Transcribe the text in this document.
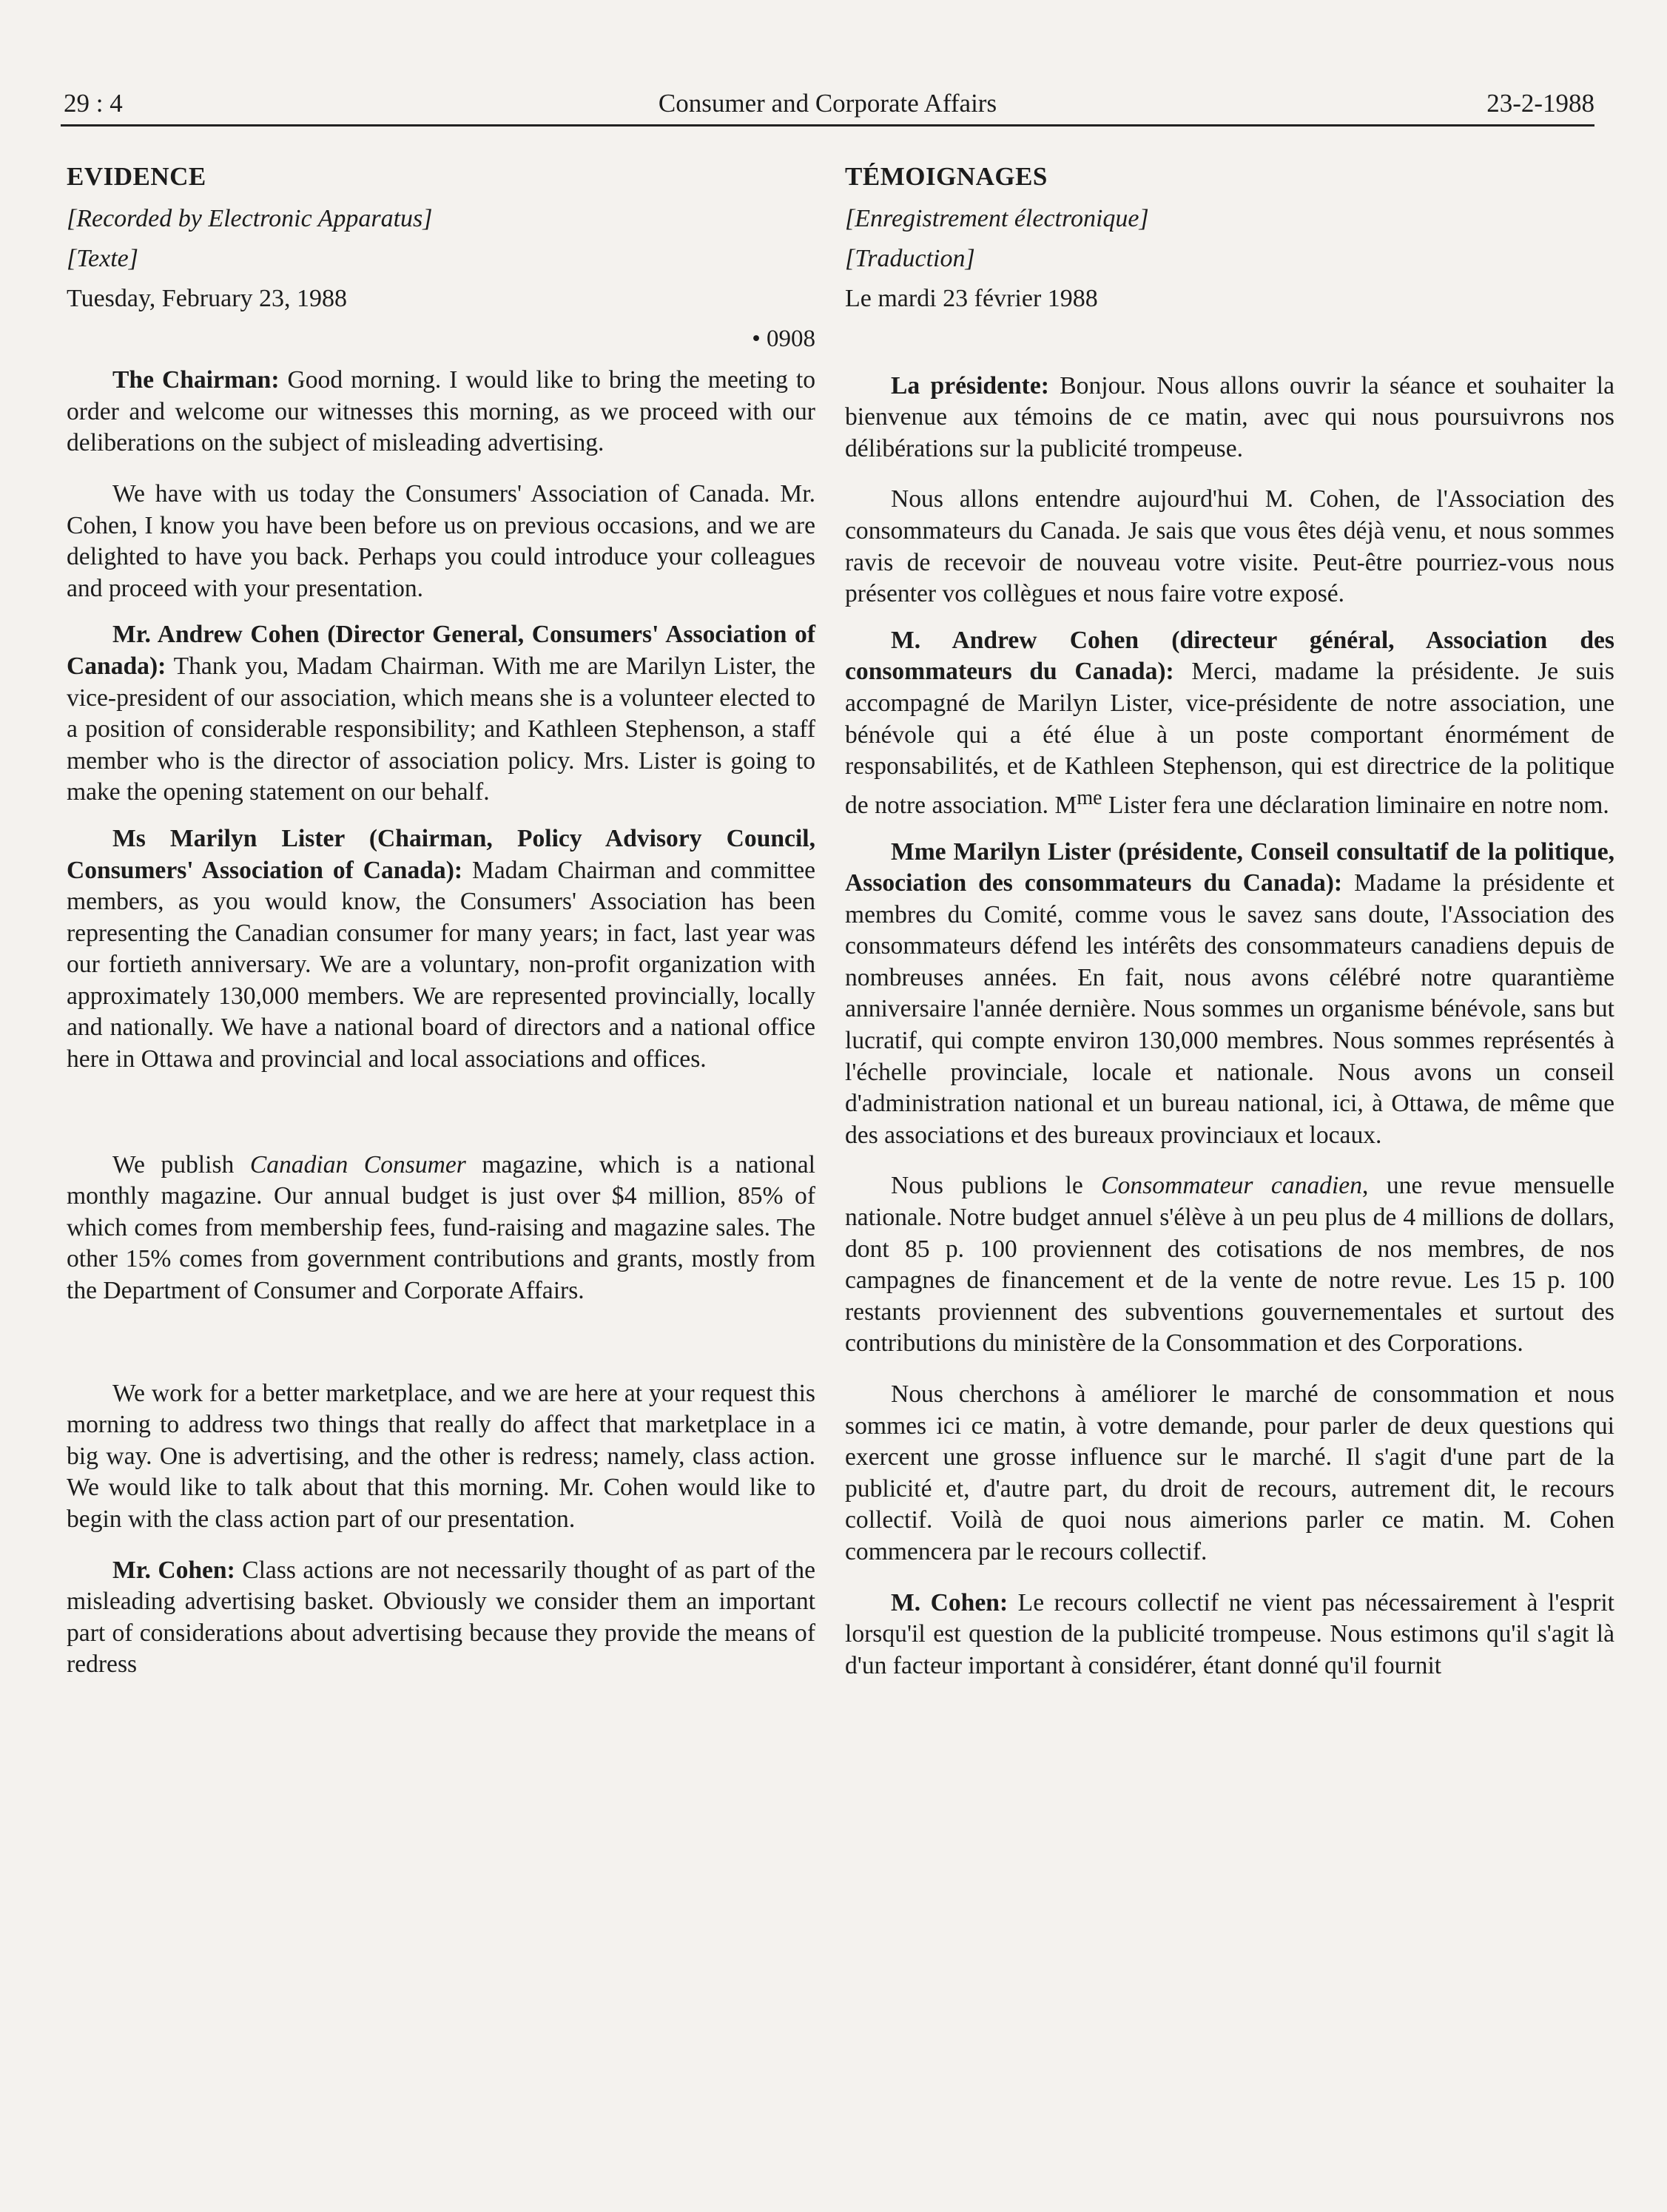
29 : 4	Consumer and Corporate Affairs	23-2-1988
EVIDENCE
[Recorded by Electronic Apparatus]
[Texte]
Tuesday, February 23, 1988
• 0908

The Chairman: Good morning. I would like to bring the meeting to order and welcome our witnesses this morning, as we proceed with our deliberations on the subject of misleading advertising.

We have with us today the Consumers' Association of Canada. Mr. Cohen, I know you have been before us on previous occasions, and we are delighted to have you back. Perhaps you could introduce your colleagues and proceed with your presentation.

Mr. Andrew Cohen (Director General, Consumers' Association of Canada): Thank you, Madam Chairman. With me are Marilyn Lister, the vice-president of our association, which means she is a volunteer elected to a position of considerable responsibility; and Kathleen Stephenson, a staff member who is the director of association policy. Mrs. Lister is going to make the opening statement on our behalf.

Ms Marilyn Lister (Chairman, Policy Advisory Council, Consumers' Association of Canada): Madam Chairman and committee members, as you would know, the Consumers' Association has been representing the Canadian consumer for many years; in fact, last year was our fortieth anniversary. We are a voluntary, non-profit organization with approximately 130,000 members. We are represented provincially, locally and nationally. We have a national board of directors and a national office here in Ottawa and provincial and local associations and offices.

We publish Canadian Consumer magazine, which is a national monthly magazine. Our annual budget is just over $4 million, 85% of which comes from membership fees, fund-raising and magazine sales. The other 15% comes from government contributions and grants, mostly from the Department of Consumer and Corporate Affairs.

We work for a better marketplace, and we are here at your request this morning to address two things that really do affect that marketplace in a big way. One is advertising, and the other is redress; namely, class action. We would like to talk about that this morning. Mr. Cohen would like to begin with the class action part of our presentation.

Mr. Cohen: Class actions are not necessarily thought of as part of the misleading advertising basket. Obviously we consider them an important part of considerations about advertising because they provide the means of redress

TÉMOIGNAGES
[Enregistrement électronique]
[Traduction]
Le mardi 23 février 1988

La présidente: Bonjour. Nous allons ouvrir la séance et souhaiter la bienvenue aux témoins de ce matin, avec qui nous poursuivrons nos délibérations sur la publicité trompeuse.

Nous allons entendre aujourd'hui M. Cohen, de l'Association des consommateurs du Canada. Je sais que vous êtes déjà venu, et nous sommes ravis de recevoir de nouveau votre visite. Peut-être pourriez-vous nous présenter vos collègues et nous faire votre exposé.

M. Andrew Cohen (directeur général, Association des consommateurs du Canada): Merci, madame la présidente. Je suis accompagné de Marilyn Lister, vice-présidente de notre association, une bénévole qui a été élue à un poste comportant énormément de responsabilités, et de Kathleen Stephenson, qui est directrice de la politique de notre association. $M^{me}$ Lister fera une déclaration liminaire en notre nom.

Mme Marilyn Lister (présidente, Conseil consultatif de la politique, Association des consommateurs du Canada): Madame la présidente et membres du Comité, comme vous le savez sans doute, l'Association des consommateurs défend les intérêts des consommateurs canadiens depuis de nombreuses années. En fait, nous avons célébré notre quarantième anniversaire l'année dernière. Nous sommes un organisme bénévole, sans but lucratif, qui compte environ 130,000 membres. Nous sommes représentés à l'échelle provinciale, locale et nationale. Nous avons un conseil d'administration national et un bureau national, ici, à Ottawa, de même que des associations et des bureaux provinciaux et locaux.

Nous publions le Consommateur canadien, une revue mensuelle nationale. Notre budget annuel s'élève à un peu plus de 4 millions de dollars, dont 85 p. 100 proviennent des cotisations de nos membres, de nos campagnes de financement et de la vente de notre revue. Les 15 p. 100 restants proviennent des subventions gouvernementales et surtout des contributions du ministère de la Consommation et des Corporations.

Nous cherchons à améliorer le marché de consommation et nous sommes ici ce matin, à votre demande, pour parler de deux questions qui exercent une grosse influence sur le marché. Il s'agit d'une part de la publicité et, d'autre part, du droit de recours, autrement dit, le recours collectif. Voilà de quoi nous aimerions parler ce matin. M. Cohen commencera par le recours collectif.

M. Cohen: Le recours collectif ne vient pas nécessairement à l'esprit lorsqu'il est question de la publicité trompeuse. Nous estimons qu'il s'agit là d'un facteur important à considérer, étant donné qu'il fournit
